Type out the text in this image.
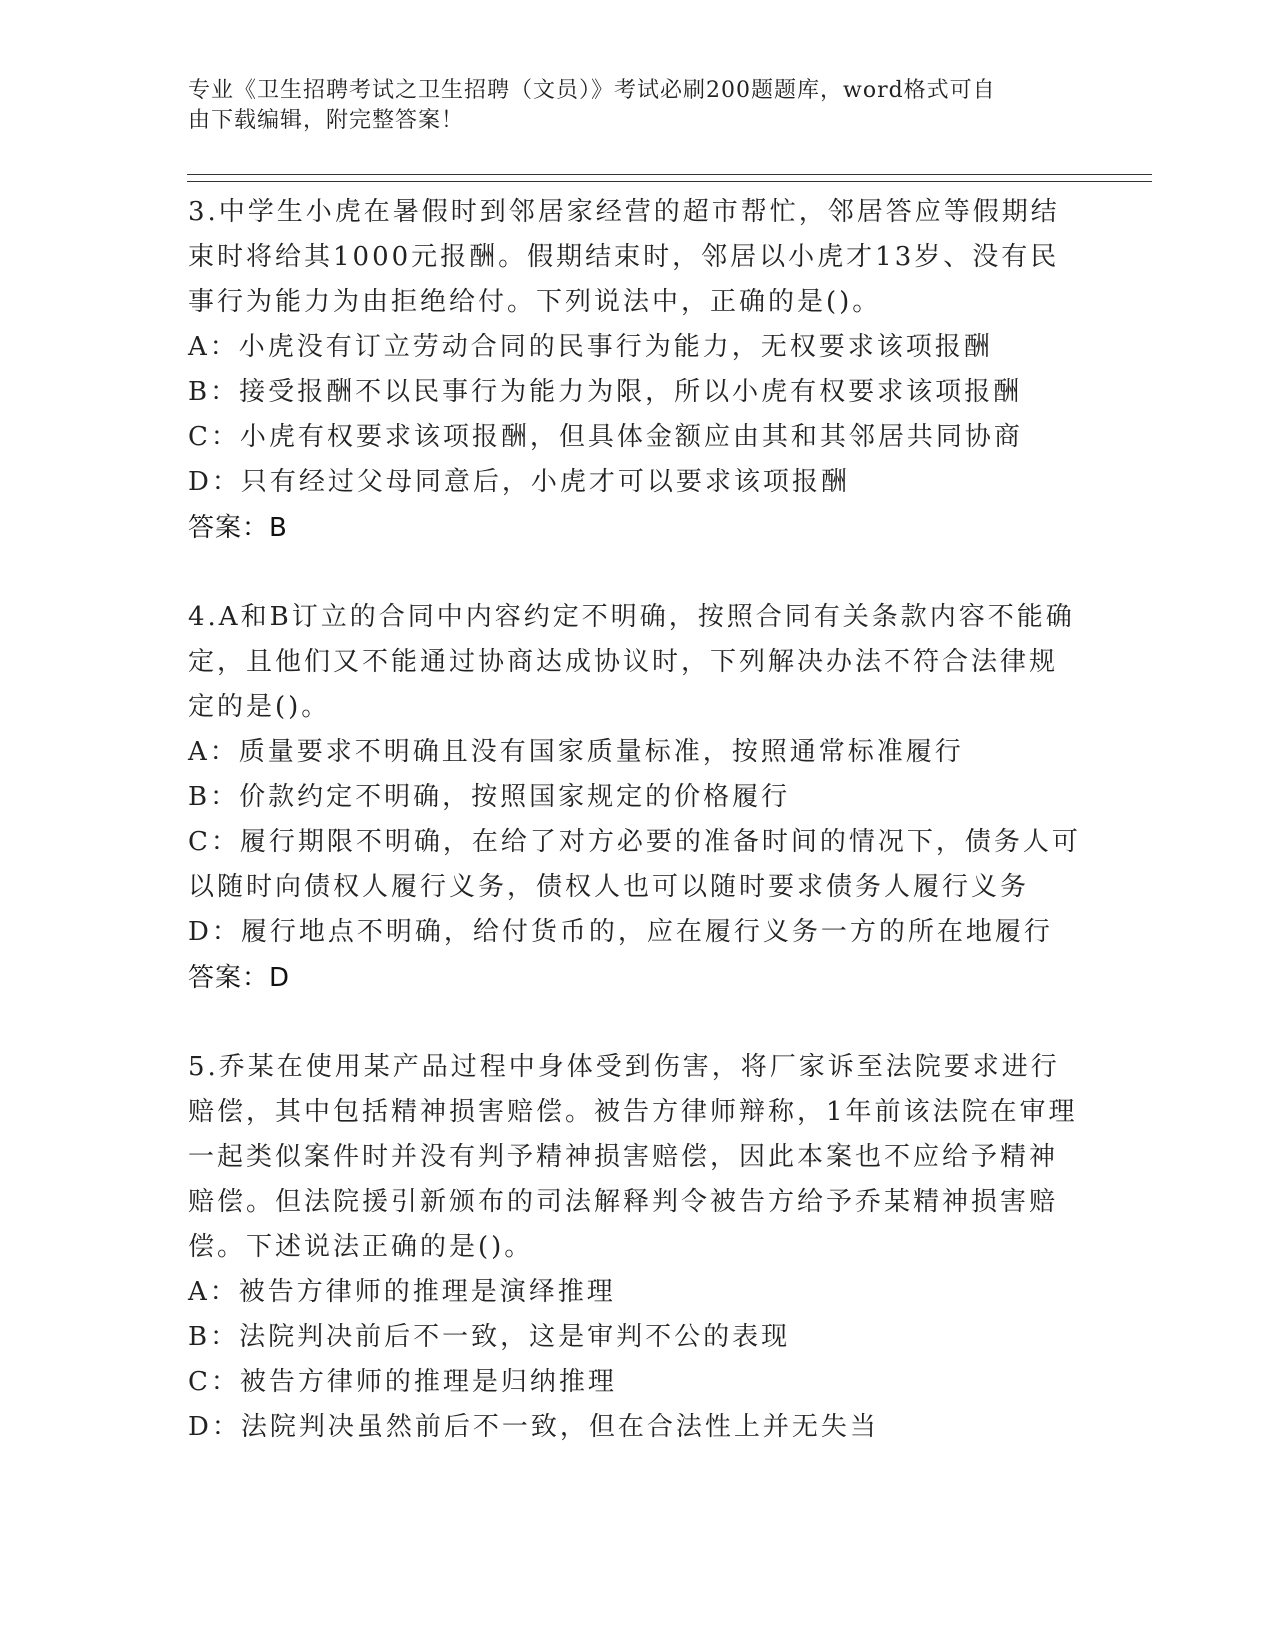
专业《卫生招聘考试之卫生招聘（文员）》考试必刷200题题库，word格式可自
由下载编辑，附完整答案！
3.中学生小虎在暑假时到邻居家经营的超市帮忙，邻居答应等假期结
束时将给其1000元报酬。假期结束时，邻居以小虎才13岁、没有民
事行为能力为由拒绝给付。下列说法中，正确的是()。
A：小虎没有订立劳动合同的民事行为能力，无权要求该项报酬
B：接受报酬不以民事行为能力为限，所以小虎有权要求该项报酬
C：小虎有权要求该项报酬，但具体金额应由其和其邻居共同协商
D：只有经过父母同意后，小虎才可以要求该项报酬
答案：B
4.A和B订立的合同中内容约定不明确，按照合同有关条款内容不能确
定，且他们又不能通过协商达成协议时，下列解决办法不符合法律规
定的是()。
A：质量要求不明确且没有国家质量标准，按照通常标准履行
B：价款约定不明确，按照国家规定的价格履行
C：履行期限不明确，在给了对方必要的准备时间的情况下，债务人可
以随时向债权人履行义务，债权人也可以随时要求债务人履行义务
D：履行地点不明确，给付货币的，应在履行义务一方的所在地履行
答案：D
5.乔某在使用某产品过程中身体受到伤害，将厂家诉至法院要求进行
赔偿，其中包括精神损害赔偿。被告方律师辩称，1年前该法院在审理
一起类似案件时并没有判予精神损害赔偿，因此本案也不应给予精神
赔偿。但法院援引新颁布的司法解释判令被告方给予乔某精神损害赔
偿。下述说法正确的是()。
A：被告方律师的推理是演绎推理
B：法院判决前后不一致，这是审判不公的表现
C：被告方律师的推理是归纳推理
D：法院判决虽然前后不一致，但在合法性上并无失当
